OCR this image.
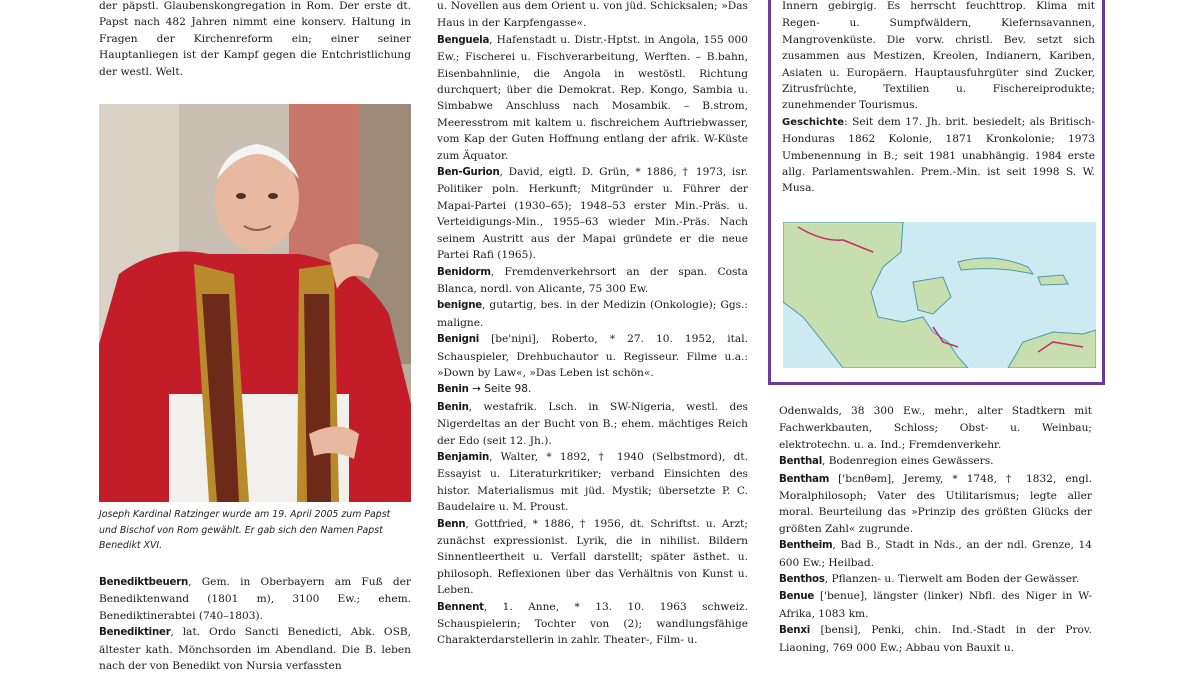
der päpstl. Glaubenskongregation in Rom. Der erste dt. Papst nach 482 Jahren nimmt eine konserv. Haltung in Fragen der Kirchenreform ein; einer seiner Hauptanliegen ist der Kampf gegen die Entchristlichung der westl. Welt.

Joseph Kardinal Ratzinger wurde am 19. April 2005 zum Papst und Bischof von Rom gewählt. Er gab sich den Namen Papst Benedikt XVI.

Benediktbeuern, Gem. in Oberbayern am Fuß der Benediktenwand (1801 m), 3100 Ew.; ehem. Benediktinerabtei (740–1803).

Benediktiner, lat. Ordo Sancti Benedicti, Abk. OSB, ältester kath. Mönchsorden im Abendland. Die B. leben nach der von Benedikt von Nursia verfassten

u. Novellen aus dem Orient u. von jüd. Schicksalen; »Das Haus in der Karpfengasse«.

Benguela, Hafenstadt u. Distr.-Hptst. in Angola, 155 000 Ew.; Fischerei u. Fischverarbeitung, Werften. – B.bahn, Eisenbahnlinie, die Angola in westöstl. Richtung durchquert; über die Demokrat. Rep. Kongo, Sambia u. Simbabwe Anschluss nach Mosambik. – B.strom, Meeresstrom mit kaltem u. fischreichem Auftriebwasser, vom Kap der Guten Hoffnung entlang der afrik. W-Küste zum Äquator.

Ben-Gurion, David, eigtl. D. Grün, * 1886, † 1973, isr. Politiker poln. Herkunft; Mitgründer u. Führer der Mapai-Partei (1930–65); 1948–53 erster Min.-Präs. u. Verteidigungs-Min., 1955–63 wieder Min.-Präs. Nach seinem Austritt aus der Mapai gründete er die neue Partei Rafi (1965).

Benidorm, Fremdenverkehrsort an der span. Costa Blanca, nordl. von Alicante, 75 300 Ew.

benigne, gutartig, bes. in der Medizin (Onkologie); Ggs.: maligne.

Benigni [be'niɲi], Roberto, * 27. 10. 1952, ital. Schauspieler, Drehbuchautor u. Regisseur. Filme u.a.: »Down by Law«, »Das Leben ist schön«.

Benin → Seite 98.

Benin, westafrik. Lsch. in SW-Nigeria, westl. des Nigerdeltas an der Bucht von B.; ehem. mächtiges Reich der Edo (seit 12. Jh.).

Benjamin, Walter, * 1892, † 1940 (Selbstmord), dt. Essayist u. Literaturkritiker; verband Einsichten des histor. Materialismus mit jüd. Mystik; übersetzte P. C. Baudelaire u. M. Proust.

Benn, Gottfried, * 1886, † 1956, dt. Schriftst. u. Arzt; zunächst expressionist. Lyrik, die in nihilist. Bildern Sinnentleertheit u. Verfall darstellt; später ästhet. u. philosoph. Reflexionen über das Verhältnis von Kunst u. Leben.

Bennent, 1. Anne, * 13. 10. 1963 schweiz. Schauspielerin; Tochter von (2); wandlungsfähige Charakterdarstellerin in zahlr. Theater-, Film- u.

Innern gebirgig. Es herrscht feuchttrop. Klima mit Regen- u. Sumpfwäldern, Kiefernsavannen, Mangrovenküste. Die vorw. christl. Bev. setzt sich zusammen aus Mestizen, Kreolen, Indianern, Kariben, Asiaten u. Europäern. Hauptausfuhrgüter sind Zucker, Zitrusfrüchte, Textilien u. Fischereiprodukte; zunehmender Tourismus.

Geschichte: Seit dem 17. Jh. brit. besiedelt; als Britisch-Honduras 1862 Kolonie, 1871 Kronkolonie; 1973 Umbenennung in B.; seit 1981 unabhängig. 1984 erste allg. Parlamentswahlen. Prem.-Min. ist seit 1998 S. W. Musa.

Odenwalds, 38 300 Ew., mehr., alter Stadtkern mit Fachwerkbauten, Schloss; Obst- u. Weinbau; elektrotechn. u. a. Ind.; Fremdenverkehr.

Benthal, Bodenregion eines Gewässers.

Bentham ['bɛnθəm], Jeremy, * 1748, † 1832, engl. Moralphilosoph; Vater des Utilitarismus; legte aller moral. Beurteilung das »Prinzip des größten Glücks der größten Zahl« zugrunde.

Bentheim, Bad B., Stadt in Nds., an der ndl. Grenze, 14 600 Ew.; Heilbad.

Benthos, Pflanzen- u. Tierwelt am Boden der Gewässer.

Benue ['benue], längster (linker) Nbfl. des Niger in W-Afrika, 1083 km.

Benxi [bensi], Penki, chin. Ind.-Stadt in der Prov. Liaoning, 769 000 Ew.; Abbau von Bauxit u.
